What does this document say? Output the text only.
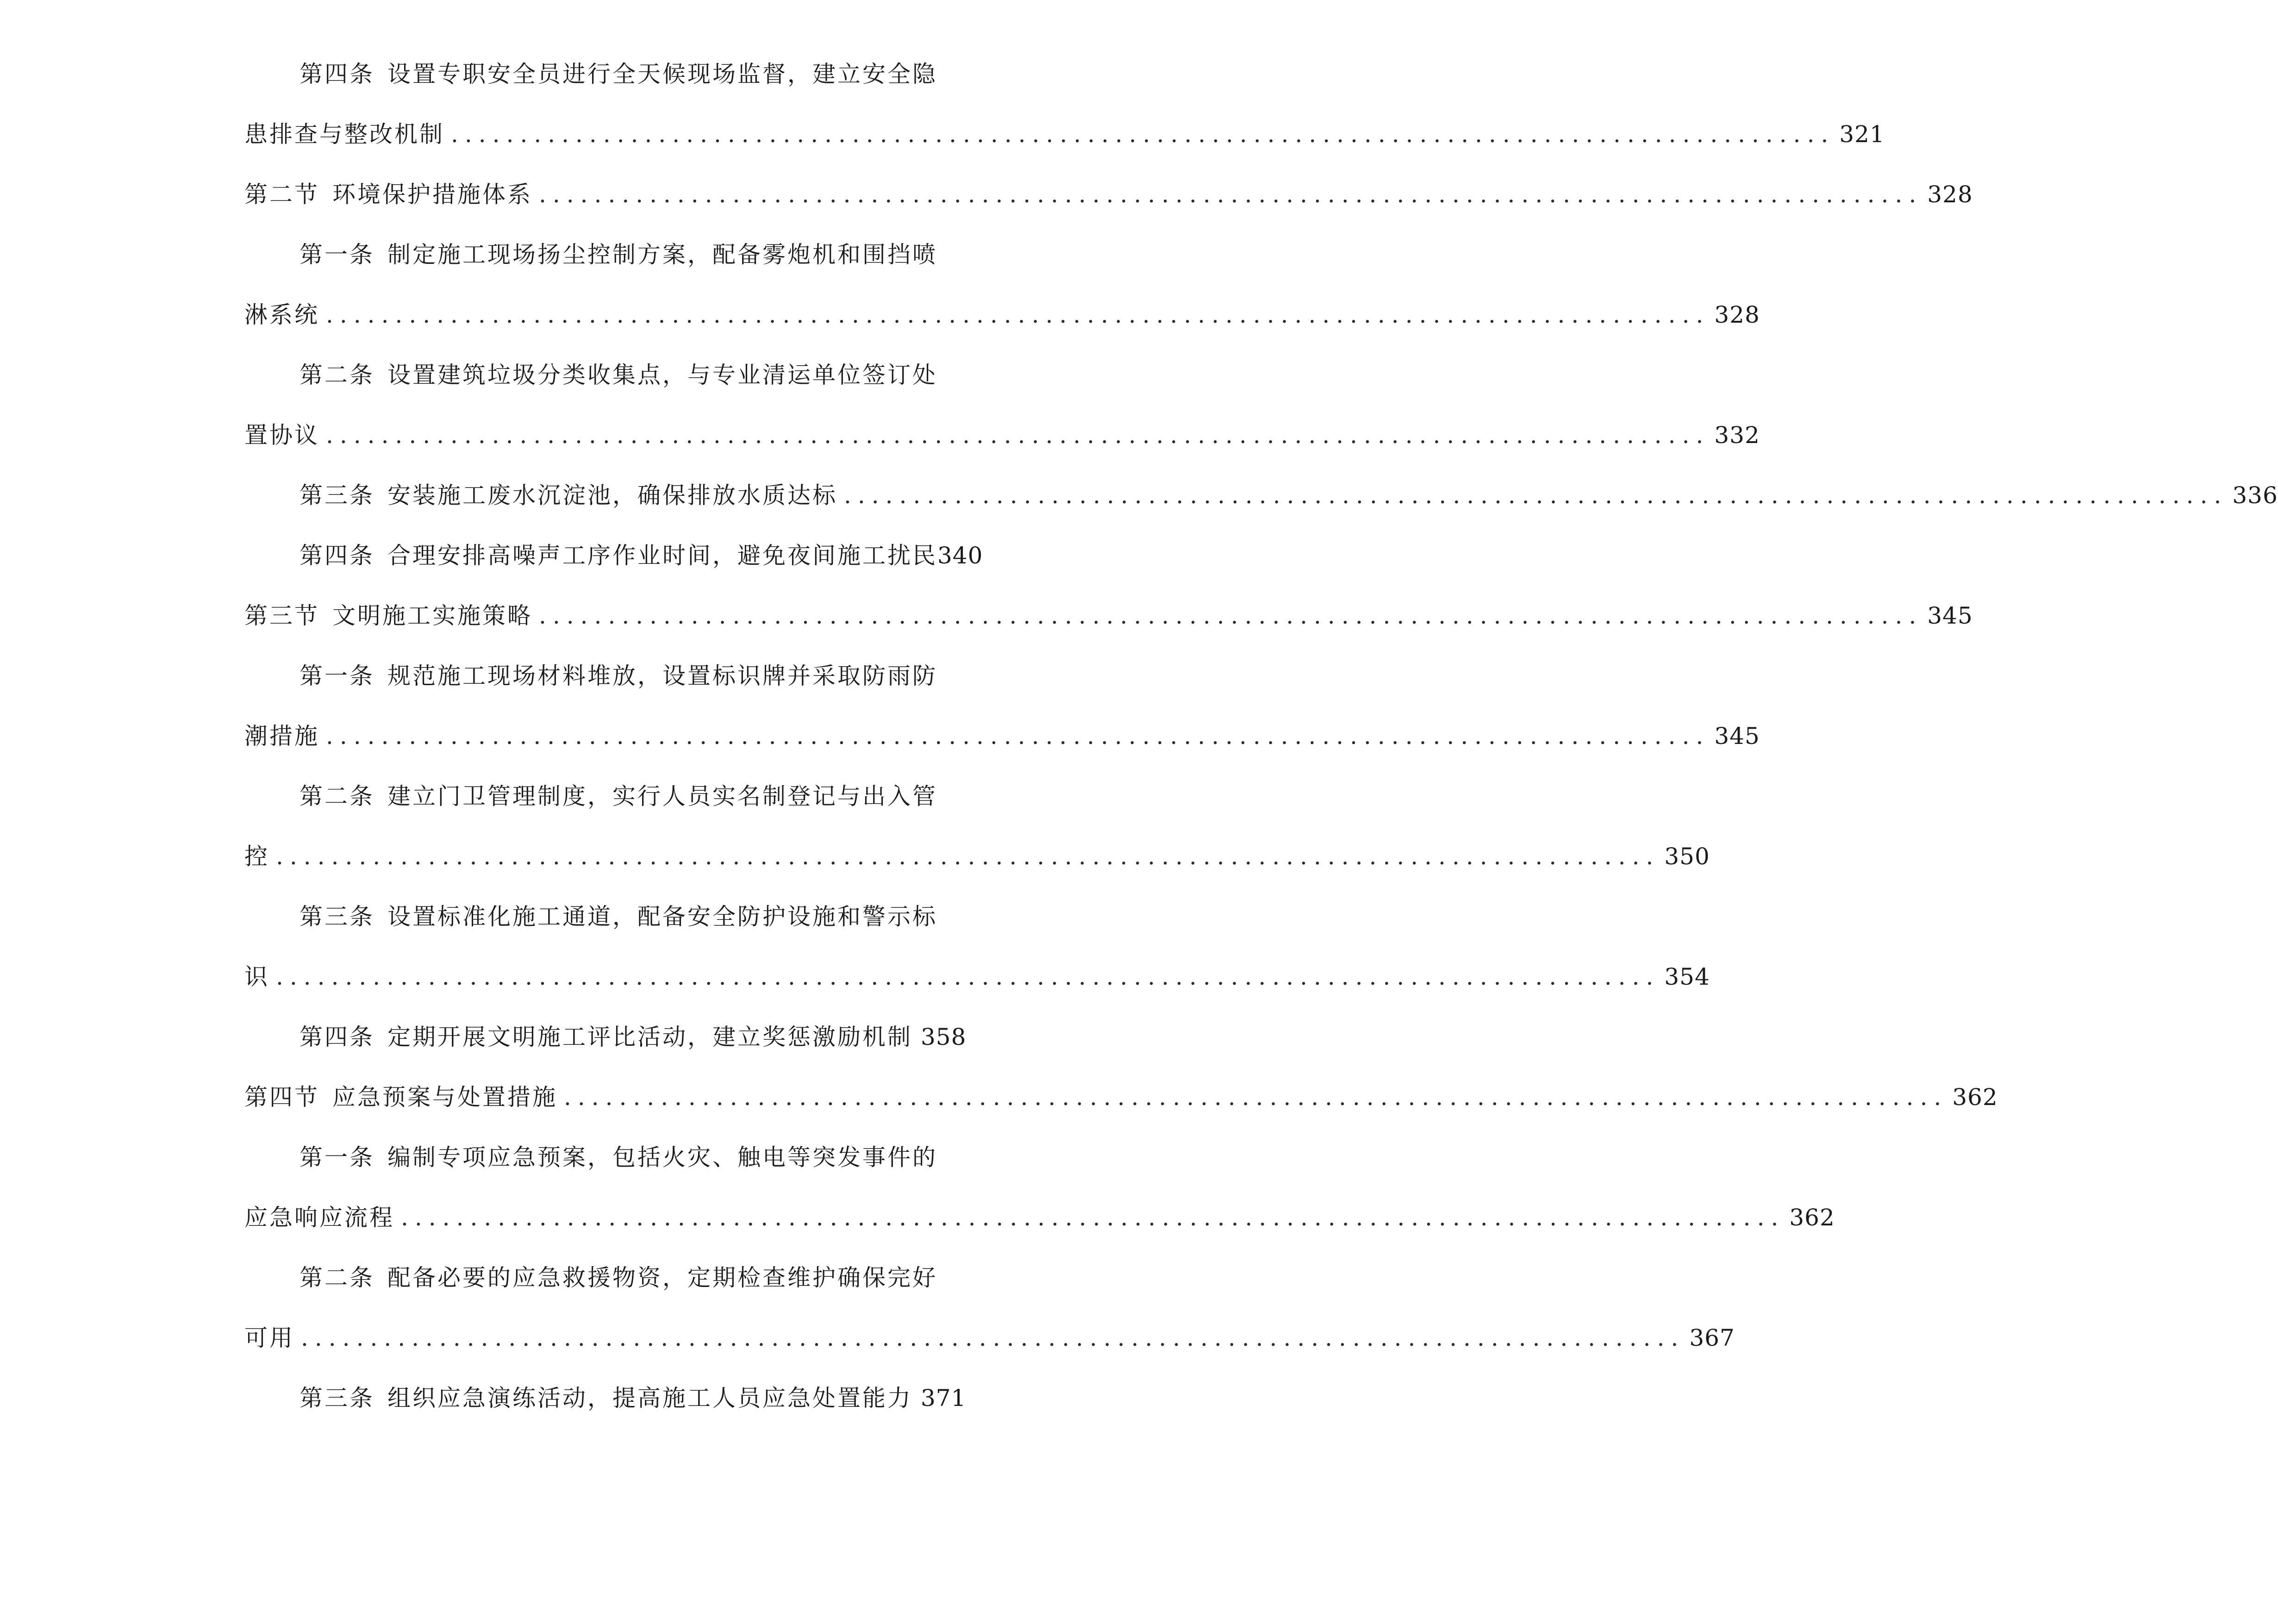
第四条 设置专职安全员进行全天候现场监督，建立安全隐
患排查与整改机制 .................................................................................................... 321
第二节 环境保护措施体系 .................................................................................................... 328
第一条 制定施工现场扬尘控制方案，配备雾炮机和围挡喷
淋系统 .................................................................................................... 328
第二条 设置建筑垃圾分类收集点，与专业清运单位签订处
置协议 .................................................................................................... 332
第三条 安装施工废水沉淀池，确保排放水质达标 .................................................................................................... 336
第四条 合理安排高噪声工序作业时间，避免夜间施工扰民 340
第三节 文明施工实施策略 .................................................................................................... 345
第一条 规范施工现场材料堆放，设置标识牌并采取防雨防
潮措施 .................................................................................................... 345
第二条 建立门卫管理制度，实行人员实名制登记与出入管
控 .................................................................................................... 350
第三条 设置标准化施工通道，配备安全防护设施和警示标
识 .................................................................................................... 354
第四条 定期开展文明施工评比活动，建立奖惩激励机制 358
第四节 应急预案与处置措施 .................................................................................................... 362
第一条 编制专项应急预案，包括火灾、触电等突发事件的
应急响应流程 .................................................................................................... 362
第二条 配备必要的应急救援物资，定期检查维护确保完好
可用 .................................................................................................... 367
第三条 组织应急演练活动，提高施工人员应急处置能力 371
